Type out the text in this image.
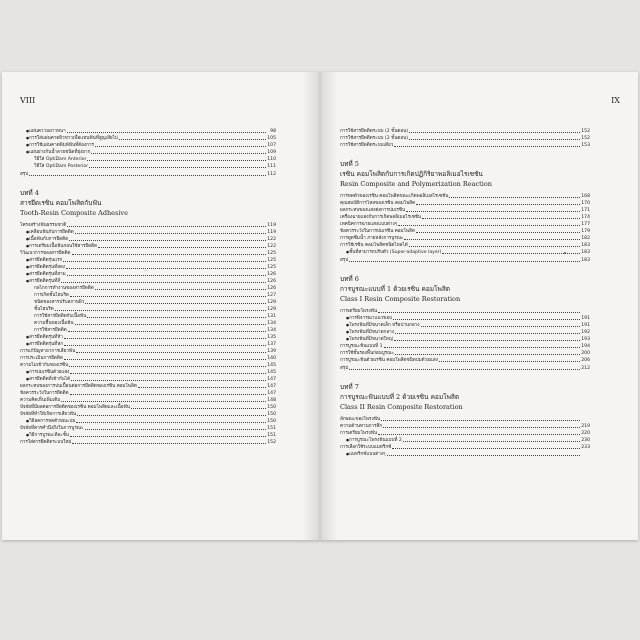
VIII
● แผ่นความยาวหนา	98
● การใส่แผ่นคาดผิวขาวเพื่อแทนฟันที่สูญเสียไป	105
● การใช้แผ่นคาดพิมพ์ฟันที่ต้องการ	107
● แผ่นยางกันน้ำลายชนิดที่ยุ่งยาก	109
วิธีใส่ OptiDam Anterior	110
วิธีใส่ OptiDam Posterior	111
สรุป	112
บทที่ 4
สารยึดเรซิน คอมโพสิตกับฟัน
Tooth-Resin Composite Adhesive
โครงสร้างฟันธรรมชาติ	119
● เคลือบฟันกับการยึดติด	119
● เนื้อฟันกับการยึดติด	122
● การเตรียมเนื้อฟันก่อนใช้สารยึดติด	122
วิวัฒนาการของสารยึดติด	125
● สารยึดติดรุ่นแรก	125
● สารยึดติดรุ่นที่สอง	125
● สารยึดติดรุ่นที่สาม	126
● สารยึดติดรุ่นที่สี่	126
กลไกการทำงานของสารยึดติด	126
การเกิดชั้นไฮบริด	127
ชนิดของสารปรับสภาพผิว	129
ชั้นไฮบริด	129
การใช้สารยึดติดกับเนื้อฟัน	131
ความชื้นของเนื้อฟัน	134
การใช้สารยึดติด	134
● สารยึดติดรุ่นที่ห้า	135
● สารยึดติดรุ่นที่หก	137
การแก้ปัญหาอาการเสียวฟัน	139
การประเมินการยึดติด	140
ความไม่เข้ากันของเรซิน	145
● การบ่มเรซินด้วยแสง	145
● สารยึดติดที่เข้ากันได้	147
ผลกระทบของการปนเปื้อนต่อการยึดติดของเรซิน คอมโพสิต	147
ข้อควรระวังในการยึดติด	147
ความคิดเห็นเพิ่มเติม	148
ปัจจัยที่มีผลต่อการยึดติดของเรซิน คอมโพสิตและเนื้อฟัน	150
ปัจจัยที่ทำให้เกิดการเสียวฟัน	150
● วิธีลดการหดตัวขณะบ่ม	150
ปัจจัยที่ควรคำนึงถึงในการบูรณะ	151
● วิธีการบูรณะทีละชั้น	151
การใส่สารยึดติดระบบใหม่	152
~
IX
การใช้สารยึดติดระบบ (2 ขั้นตอน)	152
การใช้สารยึดติดระบบ (2 ขั้นตอน)	152
การใช้สารยึดติดระบบเดียว	153
บทที่ 5
เรซิน คอมโพสิตกับการเกิดปฏิกิริยาพอลิเมอไรเซชัน
Resin Composite and Polymerization Reaction
การหดตัวของเรซิน คอมโพสิตขณะเกิดพอลิเมอไรเซชัน	168
คุณสมบัติการไหลของเรซิน คอมโพสิต	170
ผลกระทบของแสงต่อการบ่มเรซิน	171
เครื่องฉายแสงกับการเกิดพอลิเมอไรเซชัน	174
เทคนิคการฉายแสงแบบต่างๆ	177
ข้อควรระวังในการบ่มเรซิน คอมโพสิต	179
การดูดซึมน้ำ ภายหลังการบูรณะ	182
การใช้เรซิน คอมโพสิตชนิดไหลได้	183
● ชั้นที่สามารถปรับตัว (Super-adaptive layer)	183
สรุป	183
บทที่ 6
การบูรณะแบบที่ 1 ด้วยเรซิน คอมโพสิต
Class I Resin Composite Restoration
การเตรียมโพรงฟัน
● การพิจารณาแนวขอบ	191
● โพรงฟันที่มีขนาดเล็ก หรือปานกลาง	191
● โพรงฟันที่มีขนาดกลาง	192
● โพรงฟันที่มีขนาดใหญ่	193
การบูรณะฟันแบบที่ 1	194
การใช้ชั้นรองพื้นก่อนบูรณะ	200
การบูรณะฟันด้วยเรซิน คอมโพสิตชนิดบ่มด้วยแสง	206
สรุป	212
บทที่ 7
การบูรณะฟันแบบที่ 2 ด้วยเรซิน คอมโพสิต
Class II Resin Composite Restoration
ลักษณะของโพรงฟัน
ความต้านทานการสึก	219
การเตรียมโพรงฟัน	220
● การบูรณะโพรงฟันแบบที่ 2	230
การเลือกใช้ระบบแมทริกซ์	233
● แมทริกซ์แบบต่างๆ
